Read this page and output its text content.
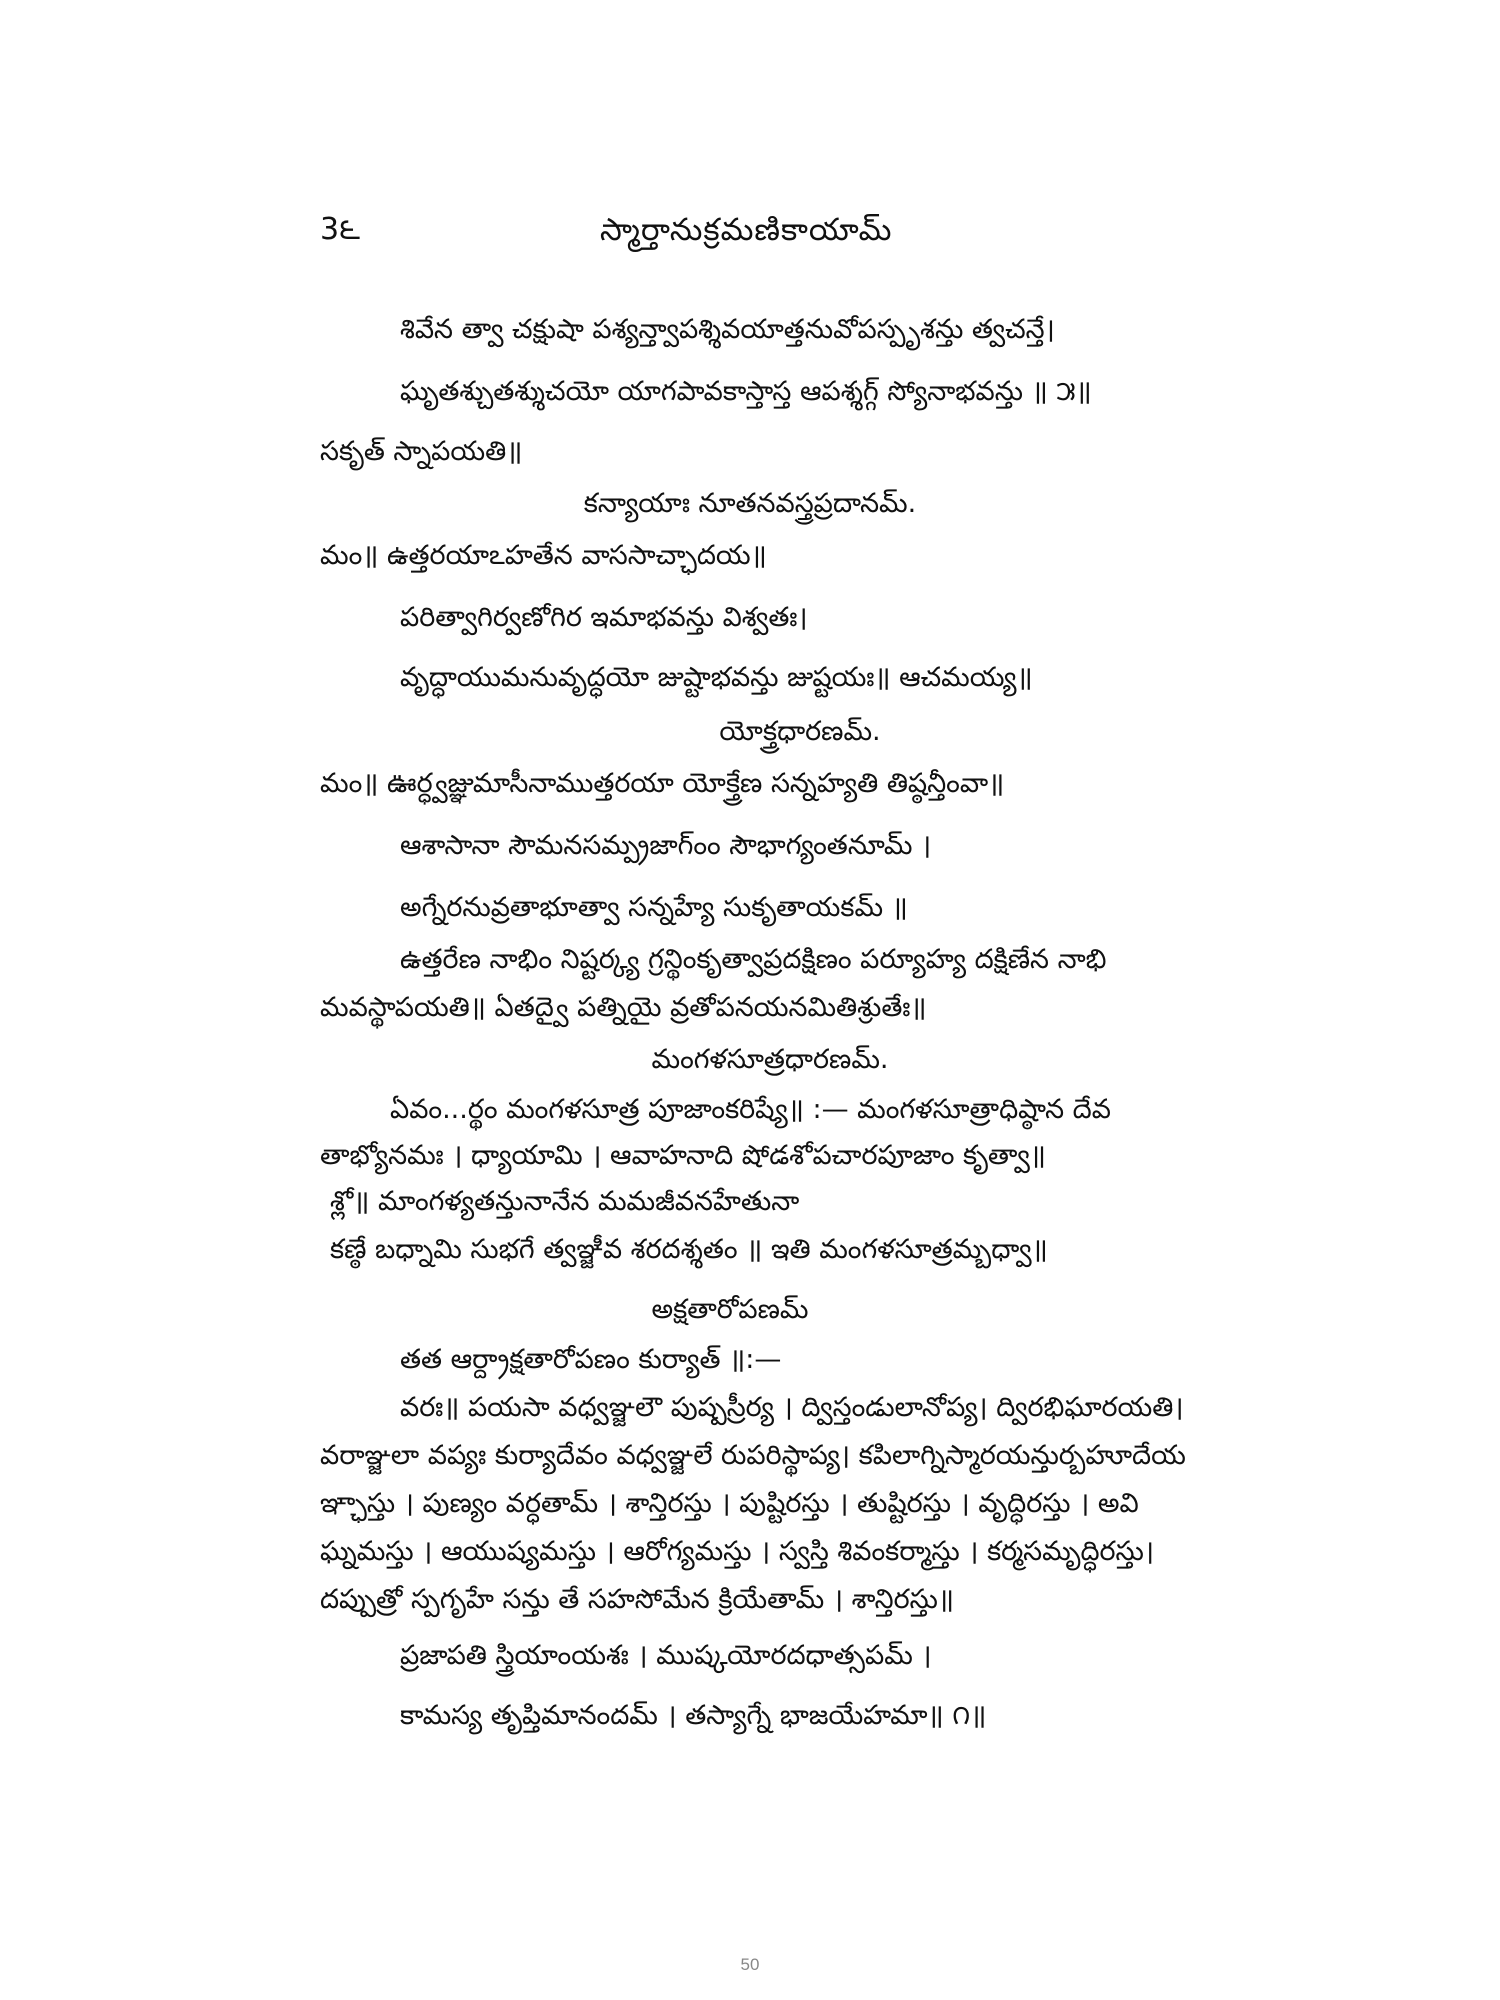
3౬	స్మార్తానుక్రమణికాయామ్
శివేన త్వా చక్షుషా పశ్యన్త్వాపశ్శివయాత్తనువోపస్పృశన్తు త్వచన్తే।
ఘృతశ్చుతశ్శుచయో యాగపావకాస్తాస్త ఆపశ్శగ్గ్ స్యోనాభవన్తు ॥ ౫॥
సకృత్ స్నాపయతి॥
కన్యాయాః నూతనవస్త్రప్రదానమ్.
మం॥ ఉత్తరయాఽహతేన వాససాచ్ఛాదయ॥
పరిత్వాగిర్వణోగిర ఇమాభవన్తు విశ్వతః।
వృద్ధాయుమనువృద్ధయో జుష్టాభవన్తు జుష్టయః॥ ఆచమయ్య॥
యోక్త్రధారణమ్.
మం॥ ఊర్ధ్వజ్ఞుమాసీనాముత్తరయా యోక్త్రేణ సన్నహ్యతి తిష్ఠన్తీంవా॥
ఆశాసానా సౌమనసమ్ప్రజాగ్ంం సౌభాగ్యంతనూమ్ ।
అగ్నేరనువ్రతాభూత్వా సన్నహ్యే సుకృతాయకమ్ ॥
ఉత్తరేణ నాభిం నిష్టర్క్య గ్రన్థింకృత్వాప్రదక్షిణం పర్యూహ్య దక్షిణేన నాభి
మవస్థాపయతి॥ ఏతద్వై పత్నియై వ్రతోపనయనమితిశ్రుతేః॥
మంగళసూత్రధారణమ్.
ఏవం...ర్థం మంగళసూత్ర పూజాంకరిష్యే॥ :— మంగళసూత్రాధిష్ఠాన దేవ
తాభ్యోనమః । ధ్యాయామి । ఆవాహనాది షోడశోపచారపూజాం కృత్వా॥
శ్లో॥ మాంగళ్యతన్తునానేన మమజీవనహేతునా
కణ్ఠే బధ్నామి సుభగే త్వఞ్జీవ శరదశ్శతం ॥ ఇతి మంగళసూత్రమ్బధ్వా॥
అక్షతారోపణమ్
తత ఆర్ద్రాక్షతారోపణం కుర్యాత్ ॥:—
వరః॥ పయసా వధ్వఞ్జలౌ పుష్పస్రీర్య । ద్విస్తండులానోప్య। ద్విరభిఘారయతి।
వరాఞ్జలా వప్యః కుర్యాదేవం వధ్వఞ్జలే రుపరిస్థాప్య। కపిలాగ్నిస్మారయన్తుర్బహూదేయ
ఞ్ఛాస్తు । పుణ్యం వర్ధతామ్ । శాన్తిరస్తు । పుష్టిరస్తు । తుష్టిరస్తు । వృద్ధిరస్తు । అవి
ఘ్నమస్తు । ఆయుష్యమస్తు । ఆరోగ్యమస్తు । స్వస్తి శివంకర్మాస్తు । కర్మసమృద్ధిరస్తు।
దప్పుత్రో స్పగృహే సన్తు తే సహసోమేన క్రియేతామ్ । శాన్తిరస్తు॥
ప్రజాపతి స్త్రియాంయశః । ముష్కయోరదధాత్సపమ్ ।
కామస్య తృప్తిమానందమ్ । తస్యాగ్నే భాజయేహమా॥ ౧॥
50
